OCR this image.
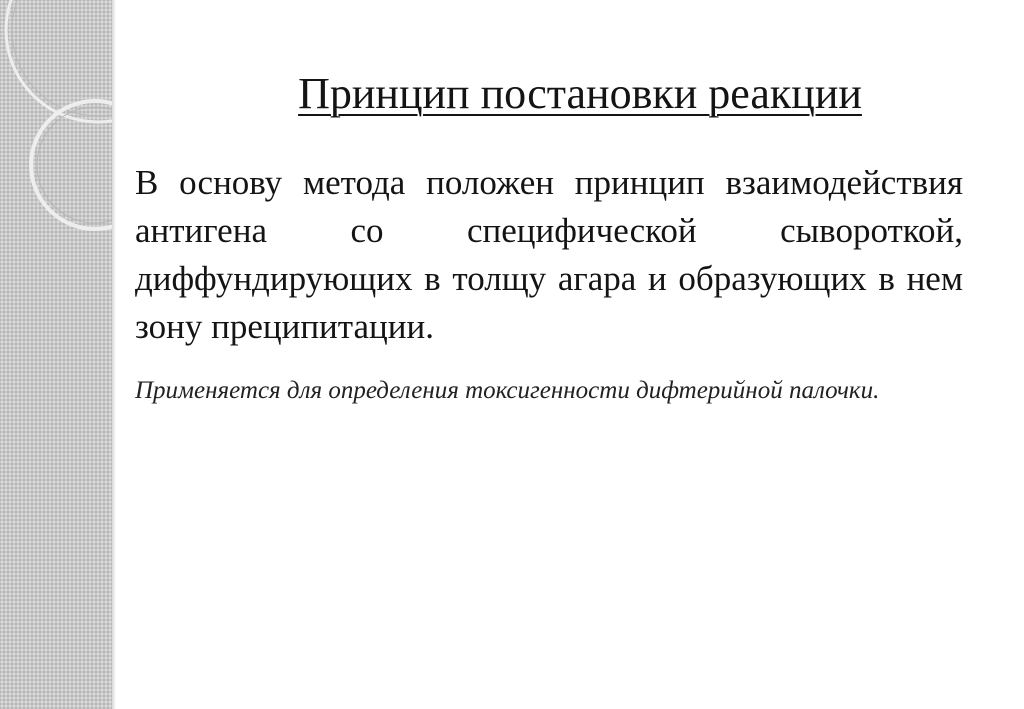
Принцип постановки реакции

В основу метода положен принцип взаимодействия антигена со специфической сывороткой, диффундирующих в толщу агара и образующих в нем зону преципитации.

Применяется для определения токсигенности дифтерийной палочки.
